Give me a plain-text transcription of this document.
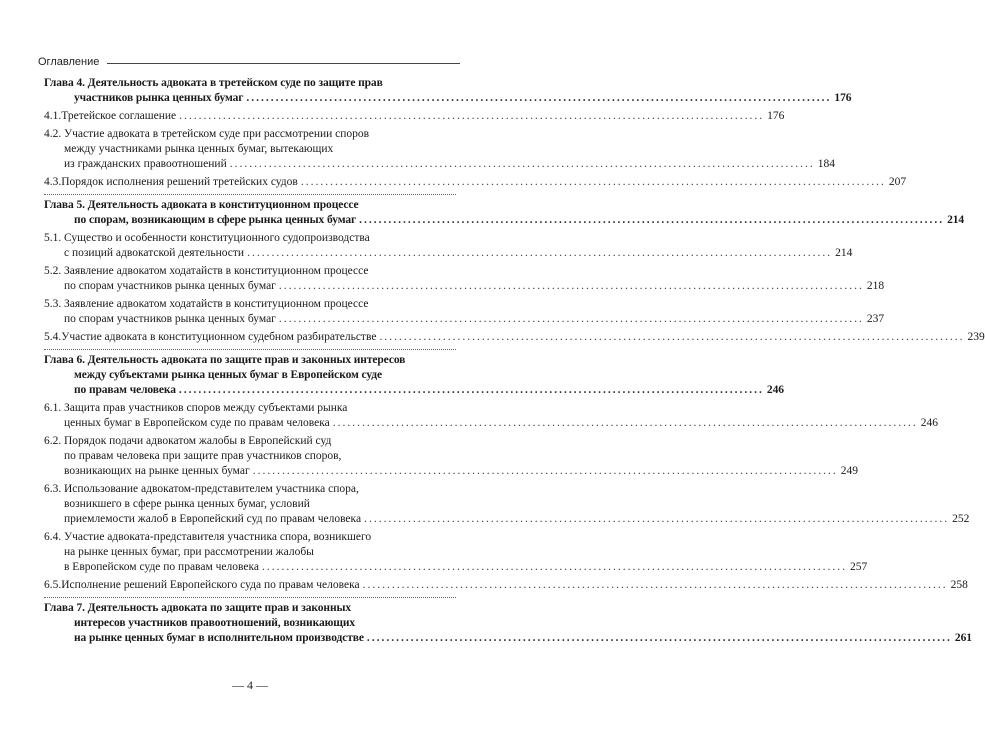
Оглавление
Глава 4. Деятельность адвоката в третейском суде по защите прав
участников рынка ценных бумаг ........................................................................................................................ 176
4.1. Третейское соглашение ........................................................................................................................ 176
4.2. Участие адвоката в третейском суде при рассмотрении споров
между участниками рынка ценных бумаг, вытекающих
из гражданских правоотношений ........................................................................................................................ 184
4.3. Порядок исполнения решений третейских судов ........................................................................................................................ 207
Глава 5. Деятельность адвоката в конституционном процессе
по спорам, возникающим в сфере рынка ценных бумаг ........................................................................................................................ 214
5.1. Существо и особенности конституционного судопроизводства
с позиций адвокатской деятельности ........................................................................................................................ 214
5.2. Заявление адвокатом ходатайств в конституционном процессе
по спорам участников рынка ценных бумаг ........................................................................................................................ 218
5.3. Заявление адвокатом ходатайств в конституционном процессе
по спорам участников рынка ценных бумаг ........................................................................................................................ 237
5.4. Участие адвоката в конституционном судебном разбирательстве ........................................................................................................................ 239
Глава 6. Деятельность адвоката по защите прав и законных интересов
между субъектами рынка ценных бумаг в Европейском суде
по правам человека ........................................................................................................................ 246
6.1. Защита прав участников споров между субъектами рынка
ценных бумаг в Европейском суде по правам человека ........................................................................................................................ 246
6.2. Порядок подачи адвокатом жалобы в Европейский суд
по правам человека при защите прав участников споров,
возникающих на рынке ценных бумаг ........................................................................................................................ 249
6.3. Использование адвокатом-представителем участника спора,
возникшего в сфере рынка ценных бумаг, условий
приемлемости жалоб в Европейский суд по правам человека ........................................................................................................................ 252
6.4. Участие адвоката-представителя участника спора, возникшего
на рынке ценных бумаг, при рассмотрении жалобы
в Европейском суде по правам человека ........................................................................................................................ 257
6.5. Исполнение решений Европейского суда по правам человека ........................................................................................................................ 258
Глава 7. Деятельность адвоката по защите прав и законных
интересов участников правоотношений, возникающих
на рынке ценных бумаг в исполнительном производстве ........................................................................................................................ 261
— 4 —
